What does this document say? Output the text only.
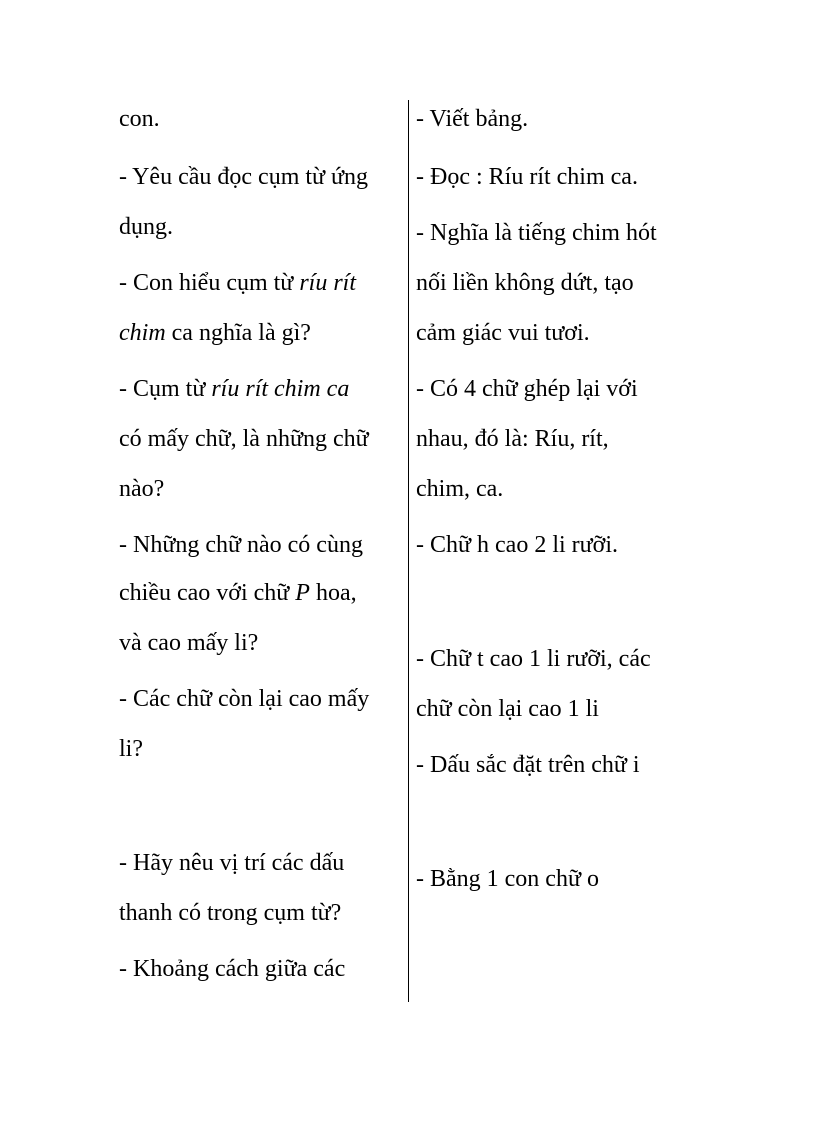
con.

- Yêu cầu đọc cụm từ ứng

dụng.

- Con hiểu cụm từ ríu rít

chim ca nghĩa là gì?

- Cụm từ ríu rít chim ca

có mấy chữ, là những chữ

nào?

- Những chữ nào có cùng

chiều cao với chữ P hoa,

và cao mấy li?

- Các chữ còn lại cao mấy

li?

- Hãy nêu vị trí các dấu

thanh có trong cụm từ?

- Khoảng cách giữa các

- Viết bảng.

- Đọc : Ríu rít chim ca.

- Nghĩa là tiếng chim hót

nối liền không dứt, tạo

cảm giác vui tươi.

- Có 4 chữ ghép lại với

nhau, đó là: Ríu, rít,

chim, ca.

- Chữ h cao 2 li rưỡi.

- Chữ t cao 1 li rưỡi, các

chữ còn lại cao 1 li

- Dấu sắc đặt trên chữ i

- Bằng 1 con chữ o
